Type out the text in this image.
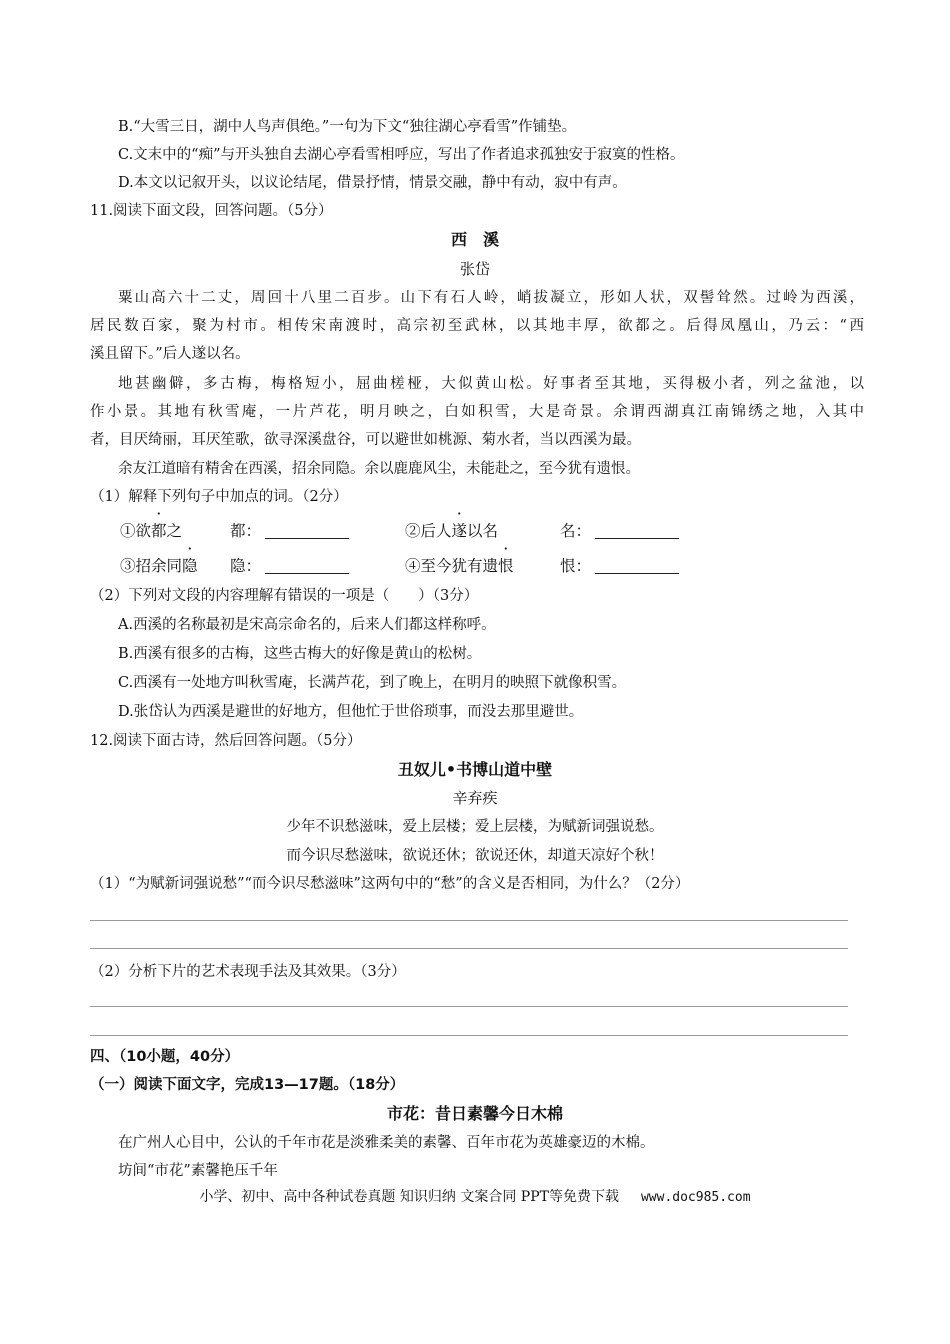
B.“大雪三日，湖中人鸟声俱绝。”一句为下文“独往湖心亭看雪”作铺垫。
C.文末中的“痴”与开头独自去湖心亭看雪相呼应，写出了作者追求孤独安于寂寞的性格。
D.本文以记叙开头，以议论结尾，借景抒情，情景交融，静中有动，寂中有声。
11.阅读下面文段，回答问题。（5分）
西　溪
张岱
粟山高六十二丈，周回十八里二百步。山下有石人岭，峭拔凝立，形如人状，双髻耸然。过岭为西溪，
居民数百家，聚为村市。相传宋南渡时，高宗初至武林，以其地丰厚，欲都之。后得凤凰山，乃云：“西
溪且留下。”后人遂以名。
地甚幽僻，多古梅，梅格短小，屈曲槎桠，大似黄山松。好事者至其地，买得极小者，列之盆池，以
作小景。其地有秋雪庵，一片芦花，明月映之，白如积雪，大是奇景。余谓西湖真江南锦绣之地，入其中
者，目厌绮丽，耳厌笙歌，欲寻深溪盘谷，可以避世如桃源、菊水者，当以西溪为最。
余友江道暗有精舍在西溪，招余同隐。余以鹿鹿风尘，未能赴之，至今犹有遗恨。
（1）解释下列句子中加点的词。（2分）
①欲都之	都：	②后人遂以名	名：
③招余同隐 隐：	④至今犹有遗恨	恨：
（2）下列对文段的内容理解有错误的一项是（　　）（3分）
A.西溪的名称最初是宋高宗命名的，后来人们都这样称呼。
B.西溪有很多的古梅，这些古梅大的好像是黄山的松树。
C.西溪有一处地方叫秋雪庵，长满芦花，到了晚上，在明月的映照下就像积雪。
D.张岱认为西溪是避世的好地方，但他忙于世俗琐事，而没去那里避世。
12.阅读下面古诗，然后回答问题。（5分）
丑奴儿•书博山道中壁
辛弃疾
少年不识愁滋味，爱上层楼；爱上层楼，为赋新词强说愁。
而今识尽愁滋味，欲说还休；欲说还休，却道天凉好个秋！
（1）“为赋新词强说愁”“而今识尽愁滋味”这两句中的“愁”的含义是否相同，为什么？（2分）
（2）分析下片的艺术表现手法及其效果。（3分）
四、（10小题，40分）
（一）阅读下面文字，完成13—17题。（18分）
市花：昔日素馨今日木棉
在广州人心目中，公认的千年市花是淡雅柔美的素馨、百年市花为英雄豪迈的木棉。
坊间“市花”素馨艳压千年
小学、初中、高中各种试卷真题 知识归纳 文案合同 PPT等免费下载 www.doc985.com
